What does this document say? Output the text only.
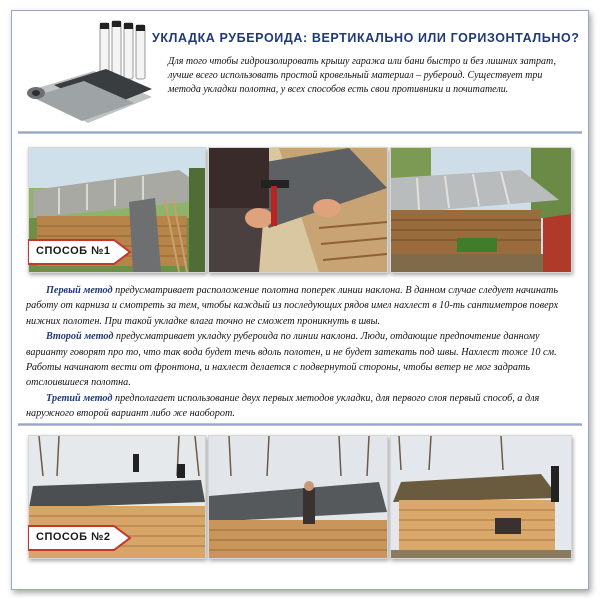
УКЛАДКА РУБЕРОИДА: ВЕРТИКАЛЬНО ИЛИ ГОРИЗОНТАЛЬНО?
Для того чтобы гидроизолировать крышу гаража или бани быстро и без лишних затрат, лучше всего использовать простой кровельный материал – рубероид. Существует три метода укладки полотна, у всех способов есть свои противники и почитатели.
СПОСОБ №1

Первый метод предусматривает расположение полотна поперек линии наклона. В данном случае следует начинать работу от карниза и смотреть за тем, чтобы каждый из последующих рядов имел нахлест в 10-ть сантиметров поверх нижних полотен. При такой укладке влага точно не сможет проникнуть в швы.

Второй метод предусматривает укладку рубероида по линии наклона. Люди, отдающие предпочтение данному варианту говорят про то, что так вода будет течь вдоль полотен, и не будет затекать под швы. Нахлест тоже 10 см. Работы начинают вести от фронтона, и нахлест делается с подвернутой стороны, чтобы ветер не мог задрать отслоившиеся полотна.

Третий метод предполагает использование двух первых методов укладки, для первого слоя первый способ, а для наружного второй вариант либо же наоборот.

СПОСОБ №2
